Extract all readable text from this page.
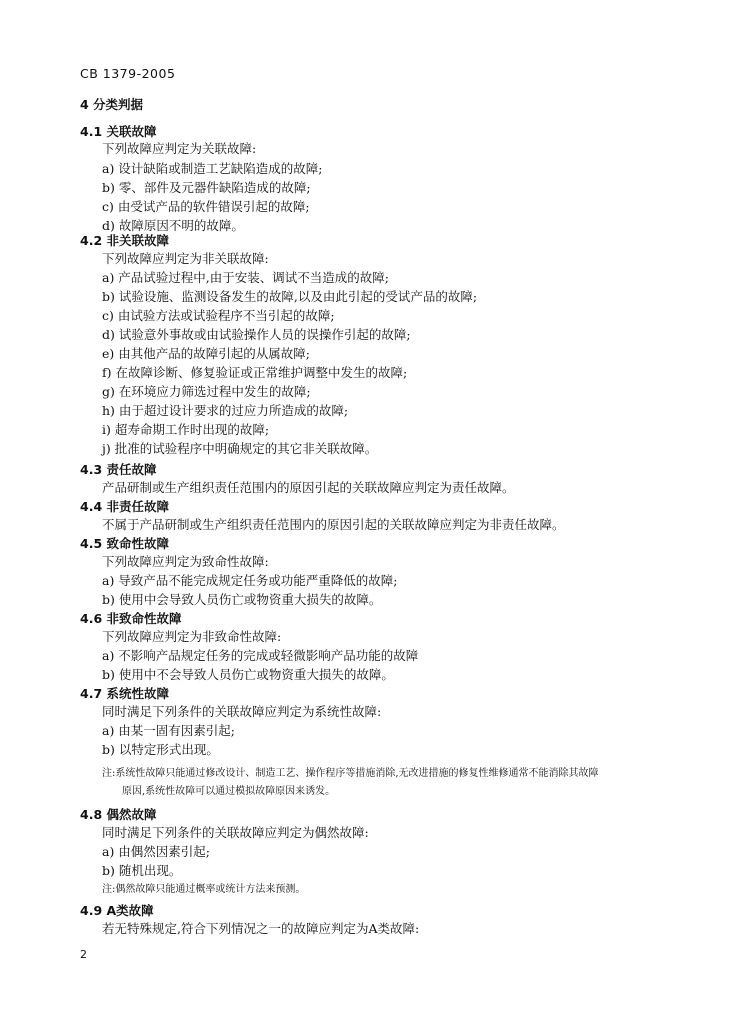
CB 1379-2005
4 分类判据
4.1 关联故障
下列故障应判定为关联故障:
a) 设计缺陷或制造工艺缺陷造成的故障;
b) 零、部件及元器件缺陷造成的故障;
c) 由受试产品的软件错误引起的故障;
d) 故障原因不明的故障。
4.2 非关联故障
下列故障应判定为非关联故障:
a) 产品试验过程中,由于安装、调试不当造成的故障;
b) 试验设施、监测设备发生的故障,以及由此引起的受试产品的故障;
c) 由试验方法或试验程序不当引起的故障;
d) 试验意外事故或由试验操作人员的误操作引起的故障;
e) 由其他产品的故障引起的从属故障;
f) 在故障诊断、修复验证或正常维护调整中发生的故障;
g) 在环境应力筛选过程中发生的故障;
h) 由于超过设计要求的过应力所造成的故障;
i) 超寿命期工作时出现的故障;
j) 批准的试验程序中明确规定的其它非关联故障。
4.3 责任故障
产品研制或生产组织责任范围内的原因引起的关联故障应判定为责任故障。
4.4 非责任故障
不属于产品研制或生产组织责任范围内的原因引起的关联故障应判定为非责任故障。
4.5 致命性故障
下列故障应判定为致命性故障:
a) 导致产品不能完成规定任务或功能严重降低的故障;
b) 使用中会导致人员伤亡或物资重大损失的故障。
4.6 非致命性故障
下列故障应判定为非致命性故障:
a) 不影响产品规定任务的完成或轻微影响产品功能的故障
b) 使用中不会导致人员伤亡或物资重大损失的故障。
4.7 系统性故障
同时满足下列条件的关联故障应判定为系统性故障:
a) 由某一固有因素引起;
b) 以特定形式出现。
注:系统性故障只能通过修改设计、制造工艺、操作程序等措施消除,无改进措施的修复性维修通常不能消除其故障
原因,系统性故障可以通过模拟故障原因来诱发。
4.8 偶然故障
同时满足下列条件的关联故障应判定为偶然故障:
a) 由偶然因素引起;
b) 随机出现。
注:偶然故障只能通过概率或统计方法来预测。
4.9 A类故障
若无特殊规定,符合下列情况之一的故障应判定为A类故障:
2
